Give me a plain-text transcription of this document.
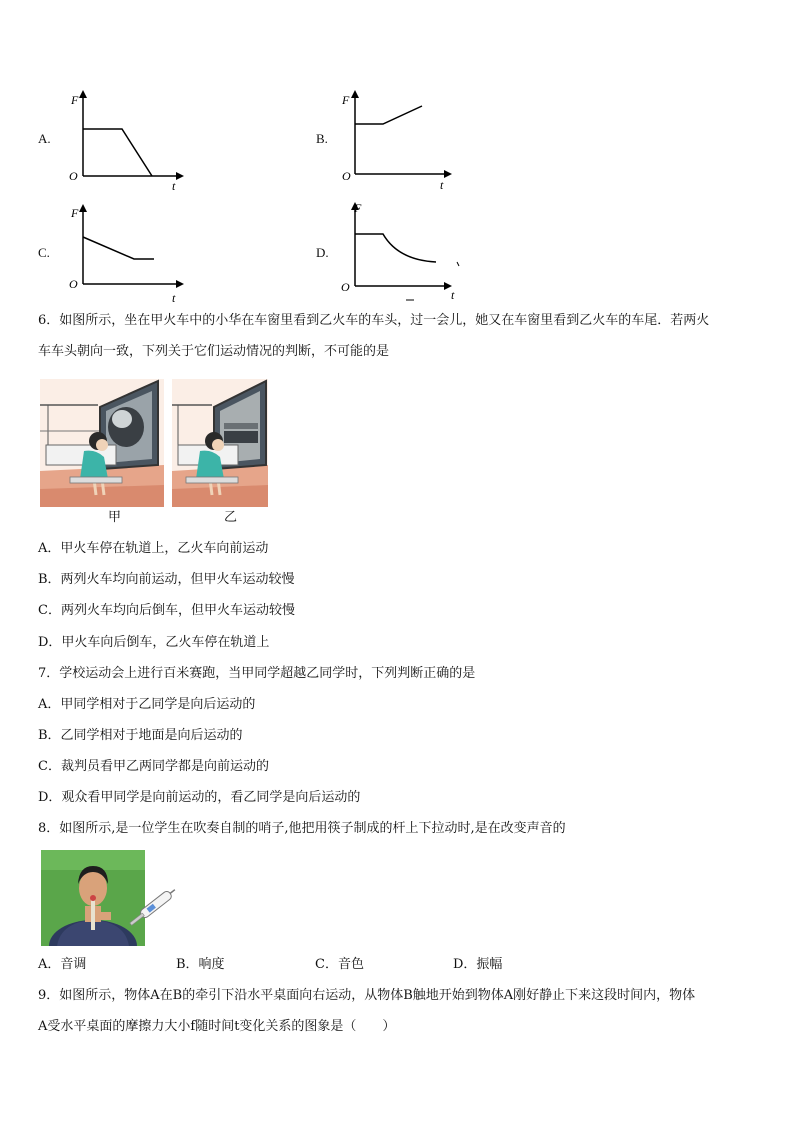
A.
F
O
t
B.
F
O
t
C.
F
O
t
D.
F
O
t
6．如图所示，坐在甲火车中的小华在车窗里看到乙火车的车头，过一会儿，她又在车窗里看到乙火车的车尾．若两火
车车头朝向一致，下列关于它们运动情况的判断，不可能的是
甲	乙
A．甲火车停在轨道上，乙火车向前运动
B．两列火车均向前运动，但甲火车运动较慢
C．两列火车均向后倒车，但甲火车运动较慢
D．甲火车向后倒车，乙火车停在轨道上
7．学校运动会上进行百米赛跑，当甲同学超越乙同学时，下列判断正确的是
A．甲同学相对于乙同学是向后运动的
B．乙同学相对于地面是向后运动的
C．裁判员看甲乙两同学都是向前运动的
D．观众看甲同学是向前运动的，看乙同学是向后运动的
8．如图所示,是一位学生在吹奏自制的哨子,他把用筷子制成的杆上下拉动时,是在改变声音的
A．音调	B．响度	C．音色	D．振幅
9．如图所示，物体A在B的牵引下沿水平桌面向右运动，从物体B触地开始到物体A刚好静止下来这段时间内，物体
A受水平桌面的摩擦力大小f随时间t变化关系的图象是（　　）
